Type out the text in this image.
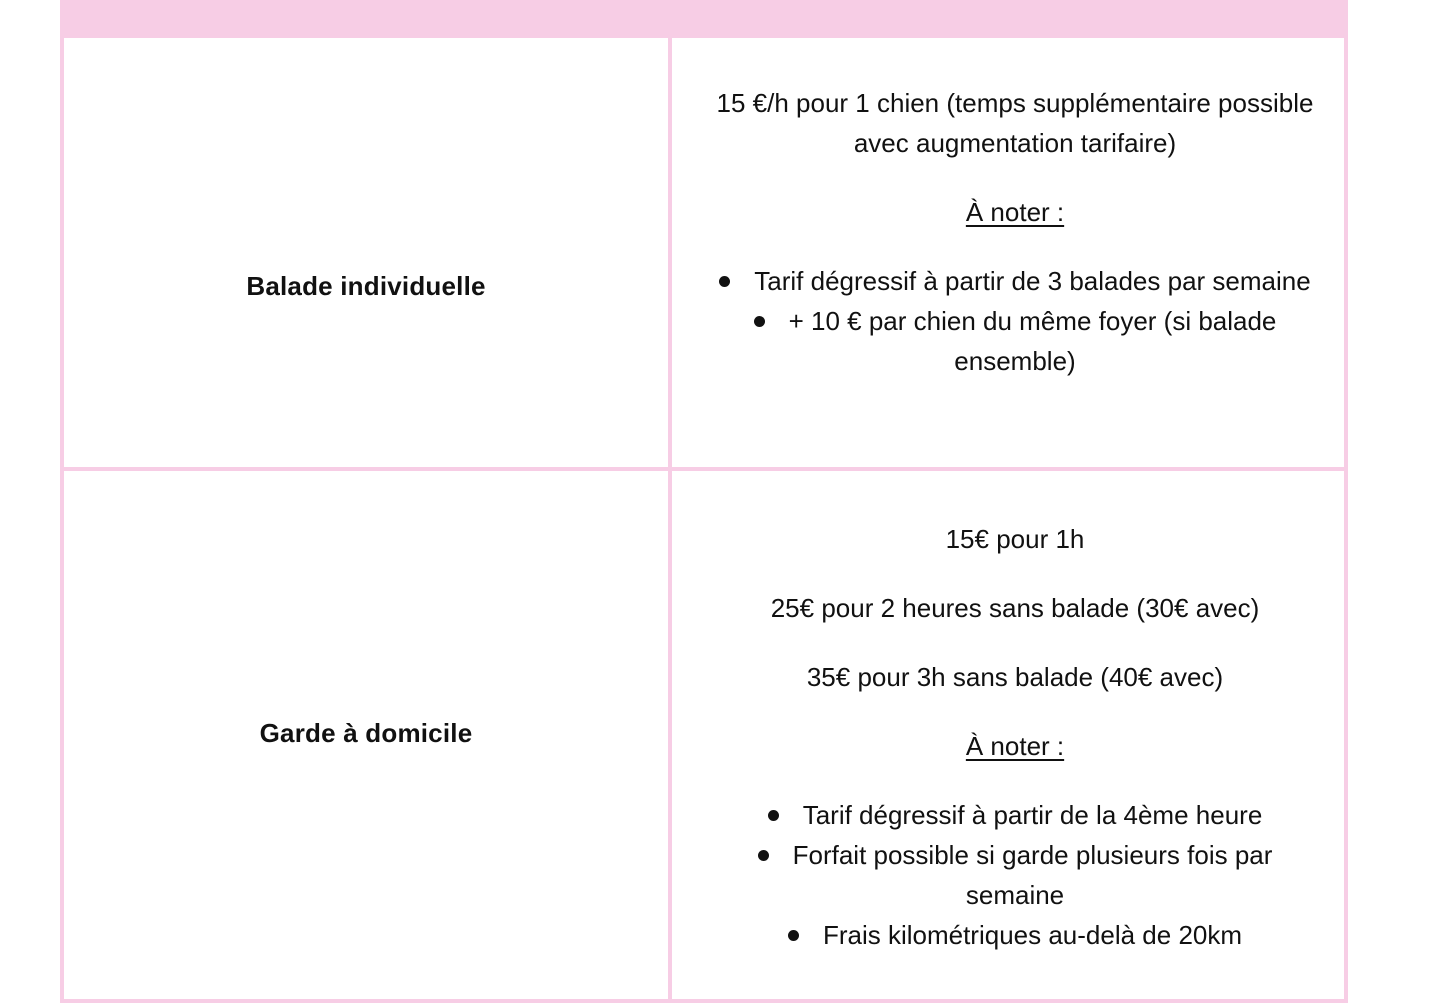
Balade individuelle

15 €/h pour 1 chien (temps supplémentaire possible avec augmentation tarifaire)

À noter :

Tarif dégressif à partir de 3 balades par semaine
+ 10 € par chien du même foyer (si balade ensemble)
Garde à domicile

15€ pour 1h

25€ pour 2 heures sans balade (30€ avec)

35€ pour 3h sans balade (40€ avec)

À noter :

Tarif dégressif à partir de la 4ème heure
Forfait possible si garde plusieurs fois par semaine
Frais kilométriques au-delà de 20km
